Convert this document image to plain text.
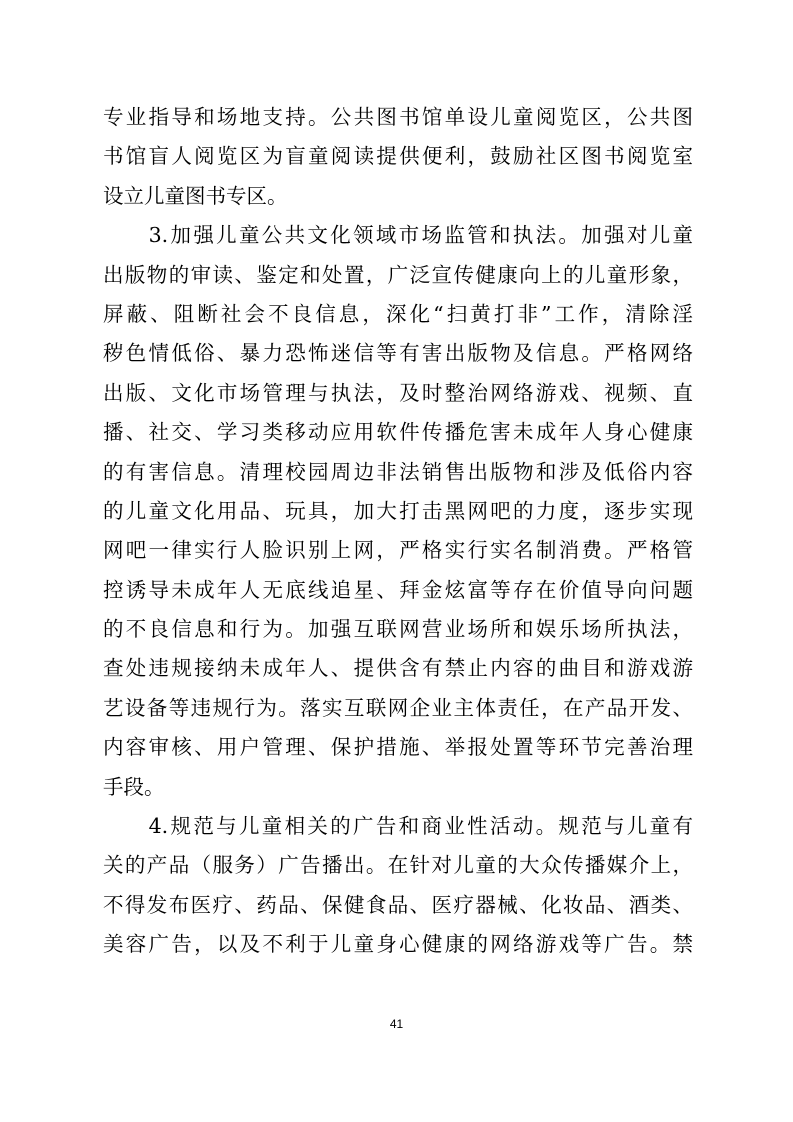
专业指导和场地支持。公共图书馆单设儿童阅览区，公共图
书馆盲人阅览区为盲童阅读提供便利，鼓励社区图书阅览室
设立儿童图书专区。
　　3.加强儿童公共文化领域市场监管和执法。加强对儿童
出版物的审读、鉴定和处置，广泛宣传健康向上的儿童形象，
屏蔽、阻断社会不良信息，深化“扫黄打非”工作，清除淫
秽色情低俗、暴力恐怖迷信等有害出版物及信息。严格网络
出版、文化市场管理与执法，及时整治网络游戏、视频、直
播、社交、学习类移动应用软件传播危害未成年人身心健康
的有害信息。清理校园周边非法销售出版物和涉及低俗内容
的儿童文化用品、玩具，加大打击黑网吧的力度，逐步实现
网吧一律实行人脸识别上网，严格实行实名制消费。严格管
控诱导未成年人无底线追星、拜金炫富等存在价值导向问题
的不良信息和行为。加强互联网营业场所和娱乐场所执法，
查处违规接纳未成年人、提供含有禁止内容的曲目和游戏游
艺设备等违规行为。落实互联网企业主体责任，在产品开发、
内容审核、用户管理、保护措施、举报处置等环节完善治理
手段。
　　4.规范与儿童相关的广告和商业性活动。规范与儿童有
关的产品（服务）广告播出。在针对儿童的大众传播媒介上，
不得发布医疗、药品、保健食品、医疗器械、化妆品、酒类、
美容广告，以及不利于儿童身心健康的网络游戏等广告。禁
41
